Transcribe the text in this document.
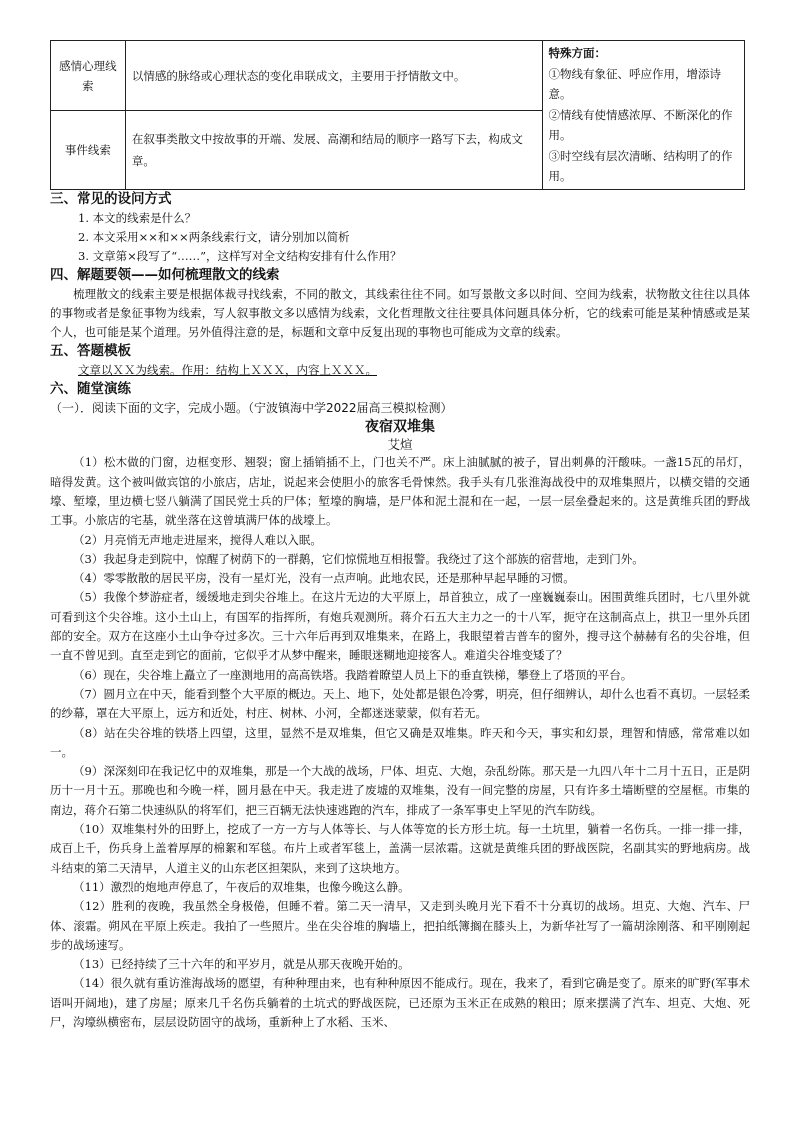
感情心理线索	以情感的脉络或心理状态的变化串联成文，主要用于抒情散文中。	特殊方面：
①物线有象征、呼应作用，增添诗意。
②情线有使情感浓厚、不断深化的作用。
③时空线有层次清晰、结构明了的作用。

事件线索	在叙事类散文中按故事的开端、发展、高潮和结局的顺序一路写下去，构成文章。	

三、常见的设问方式

1. 本文的线索是什么？

2. 本文采用××和××两条线索行文，请分别加以简析

3. 文章第×段写了“……”，这样写对全文结构安排有什么作用？

四、解题要领——如何梳理散文的线索

梳理散文的线索主要是根据体裁寻找线索，不同的散文，其线索往往不同。如写景散文多以时间、空间为线索，状物散文往往以具体的事物或者是象征事物为线索，写人叙事散文多以感情为线索，文化哲理散文往往要具体问题具体分析，它的线索可能是某种情感或是某个人，也可能是某个道理。另外值得注意的是，标题和文章中反复出现的事物也可能成为文章的线索。

五、答题模板

文章以ＸＸ为线索。作用：结构上ＸＸＸ，内容上ＸＸＸ。

六、随堂演练

（一）．阅读下面的文字，完成小题。（宁波镇海中学2022届高三模拟检测）

夜宿双堆集

艾煊

（1）松木做的门窗，边框变形、翘裂；窗上插销插不上，门也关不严。床上油腻腻的被子，冒出刺鼻的汗酸味。一盏15瓦的吊灯，暗得发黄。这个被叫做宾馆的小旅店，店址，说起来会使胆小的旅客毛骨悚然。我手头有几张淮海战役中的双堆集照片，以横交错的交通壕、堑壕，里边横七竖八躺满了国民党士兵的尸体；堑壕的胸墙，是尸体和泥土混和在一起，一层一层垒叠起来的。这是黄维兵团的野战工事。小旅店的宅基，就坐落在这曾填满尸体的战壕上。

（2）月亮悄无声地走进屋来，搅得人难以入眠。

（3）我起身走到院中，惊醒了树荫下的一群鹅，它们惊慌地互相报警。我绕过了这个部族的宿营地，走到门外。

（4）零零散散的居民平房，没有一星灯光，没有一点声响。此地农民，还是那种早起早睡的习惯。

（5）我像个梦游症者，缓缓地走到尖谷堆上。在这片无边的大平原上，昂首独立，成了一座巍巍泰山。困围黄维兵团时，七八里外就可看到这个尖谷堆。这小土山上，有国军的指挥所，有炮兵观测所。蒋介石五大主力之一的十八军，扼守在这制高点上，拱卫一里外兵团部的安全。双方在这座小土山争夺过多次。三十六年后再到双堆集来，在路上，我眼望着吉普车的窗外，搜寻这个赫赫有名的尖谷堆，但一直不曾见到。直至走到它的面前，它似乎才从梦中醒来，睡眼迷糊地迎接客人。难道尖谷堆变矮了？

（6）现在，尖谷堆上矗立了一座测地用的高高铁塔。我踏着瞭望人员上下的垂直铁梯，攀登上了塔顶的平台。

（7）圆月立在中天，能看到整个大平原的概边。天上、地下，处处都是银色冷雾，明亮，但仔细辨认，却什么也看不真切。一层轻柔的纱幕，罩在大平原上，远方和近处，村庄、树林、小河，全都迷迷蒙蒙，似有若无。

（8）站在尖谷堆的铁塔上四望，这里，显然不是双堆集，但它又确是双堆集。昨天和今天，事实和幻景，理智和情感，常常难以如一。

（9）深深刻印在我记忆中的双堆集，那是一个大战的战场，尸体、坦克、大炮，杂乱纷陈。那天是一九四八年十二月十五日，正是阴历十一月十五。那晚也和今晚一样，圆月悬在中天。我走进了废墟的双堆集，没有一间完整的房屋，只有许多土墙断壁的空屋框。市集的南边，蒋介石第二快速纵队的将军们，把三百辆无法快速逃跑的汽车，排成了一条军事史上罕见的汽车防线。

（10）双堆集村外的田野上，挖成了一方一方与人体等长、与人体等宽的长方形土坑。每一土坑里，躺着一名伤兵。一排一排一排，成百上千，伤兵身上盖着厚厚的棉絮和军毯。布片上或者军毯上，盖满一层浓霜。这就是黄维兵团的野战医院，名副其实的野地病房。战斗结束的第二天清早，人道主义的山东老区担架队，来到了这块地方。

（11）激烈的炮地声停息了，午夜后的双堆集，也像今晚这么静。

（12）胜利的夜晚，我虽然全身极倦，但睡不着。第二天一清早，又走到头晚月光下看不十分真切的战场。坦克、大炮、汽车、尸体、滚霜。朔风在平原上疾走。我拍了一些照片。坐在尖谷堆的胸墙上，把拍纸簿搁在膝头上，为新华社写了一篇胡涂刚落、和平刚刚起步的战场速写。

（13）已经持续了三十六年的和平岁月，就是从那天夜晚开始的。

（14）很久就有重访淮海战场的愿望，有种种理由来，也有种种原因不能成行。现在，我来了，看到它确是变了。原来的旷野(军事术语叫开阔地)，建了房屋；原来几千名伤兵躺着的土坑式的野战医院，已还原为玉米正在成熟的粮田；原来摆满了汽车、坦克、大炮、死尸，沟壕纵横密布，层层设防固守的战场，重新种上了水稻、玉米、
